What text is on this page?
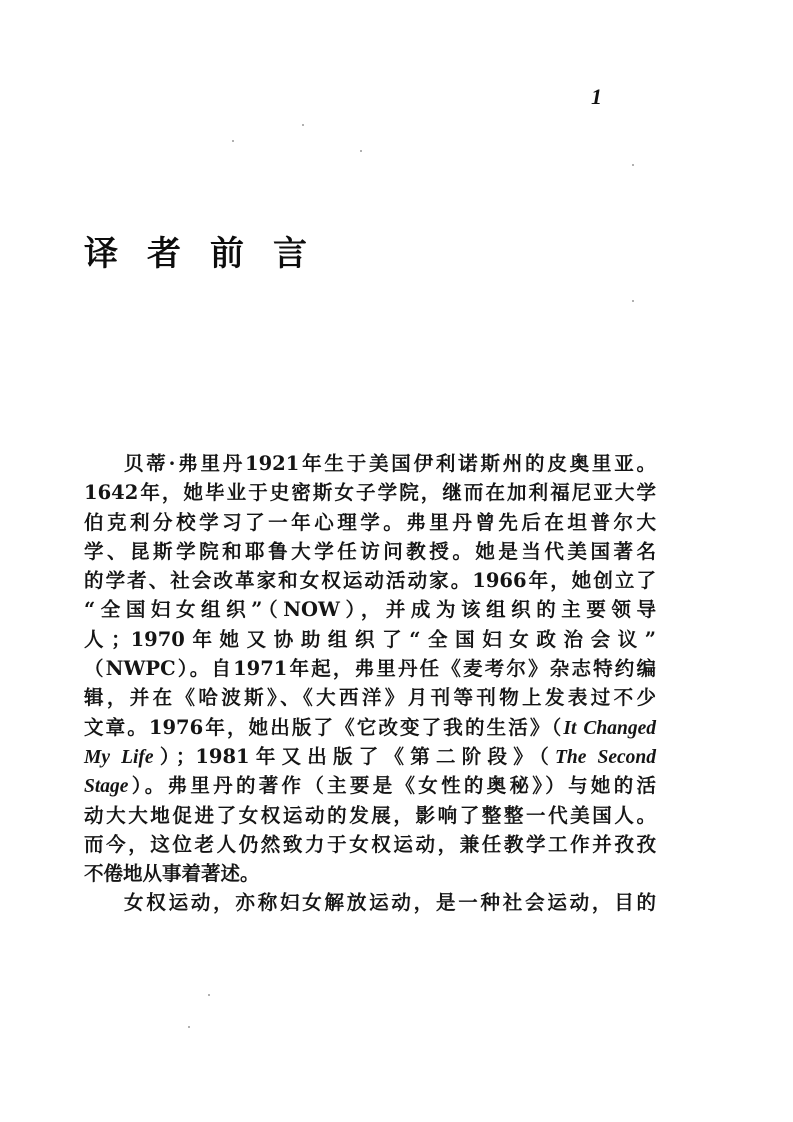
1
译者前言
贝蒂·弗里丹1921年生于美国伊利诺斯州的皮奥里亚。
1642年，她毕业于史密斯女子学院，继而在加利福尼亚大学
伯克利分校学习了一年心理学。弗里丹曾先后在坦普尔大
学、昆斯学院和耶鲁大学任访问教授。她是当代美国著名
的学者、社会改革家和女权运动活动家。1966年，她创立了
“全国妇女组织”（NOW），并成为该组织的主要领导
人；1970年她又协助组织了“全国妇女政治会议”
（NWPC）。自1971年起，弗里丹任《麦考尔》杂志特约编
辑，并在《哈波斯》、《大西洋》月刊等刊物上发表过不少
文章。1976年，她出版了《它改变了我的生活》（It Changed
My Life）；1981年又出版了《第二阶段》（The Second
Stage）。弗里丹的著作（主要是《女性的奥秘》）与她的活
动大大地促进了女权运动的发展，影响了整整一代美国人。
而今，这位老人仍然致力于女权运动，兼任教学工作并孜孜
不倦地从事着著述。
女权运动，亦称妇女解放运动，是一种社会运动，目的
